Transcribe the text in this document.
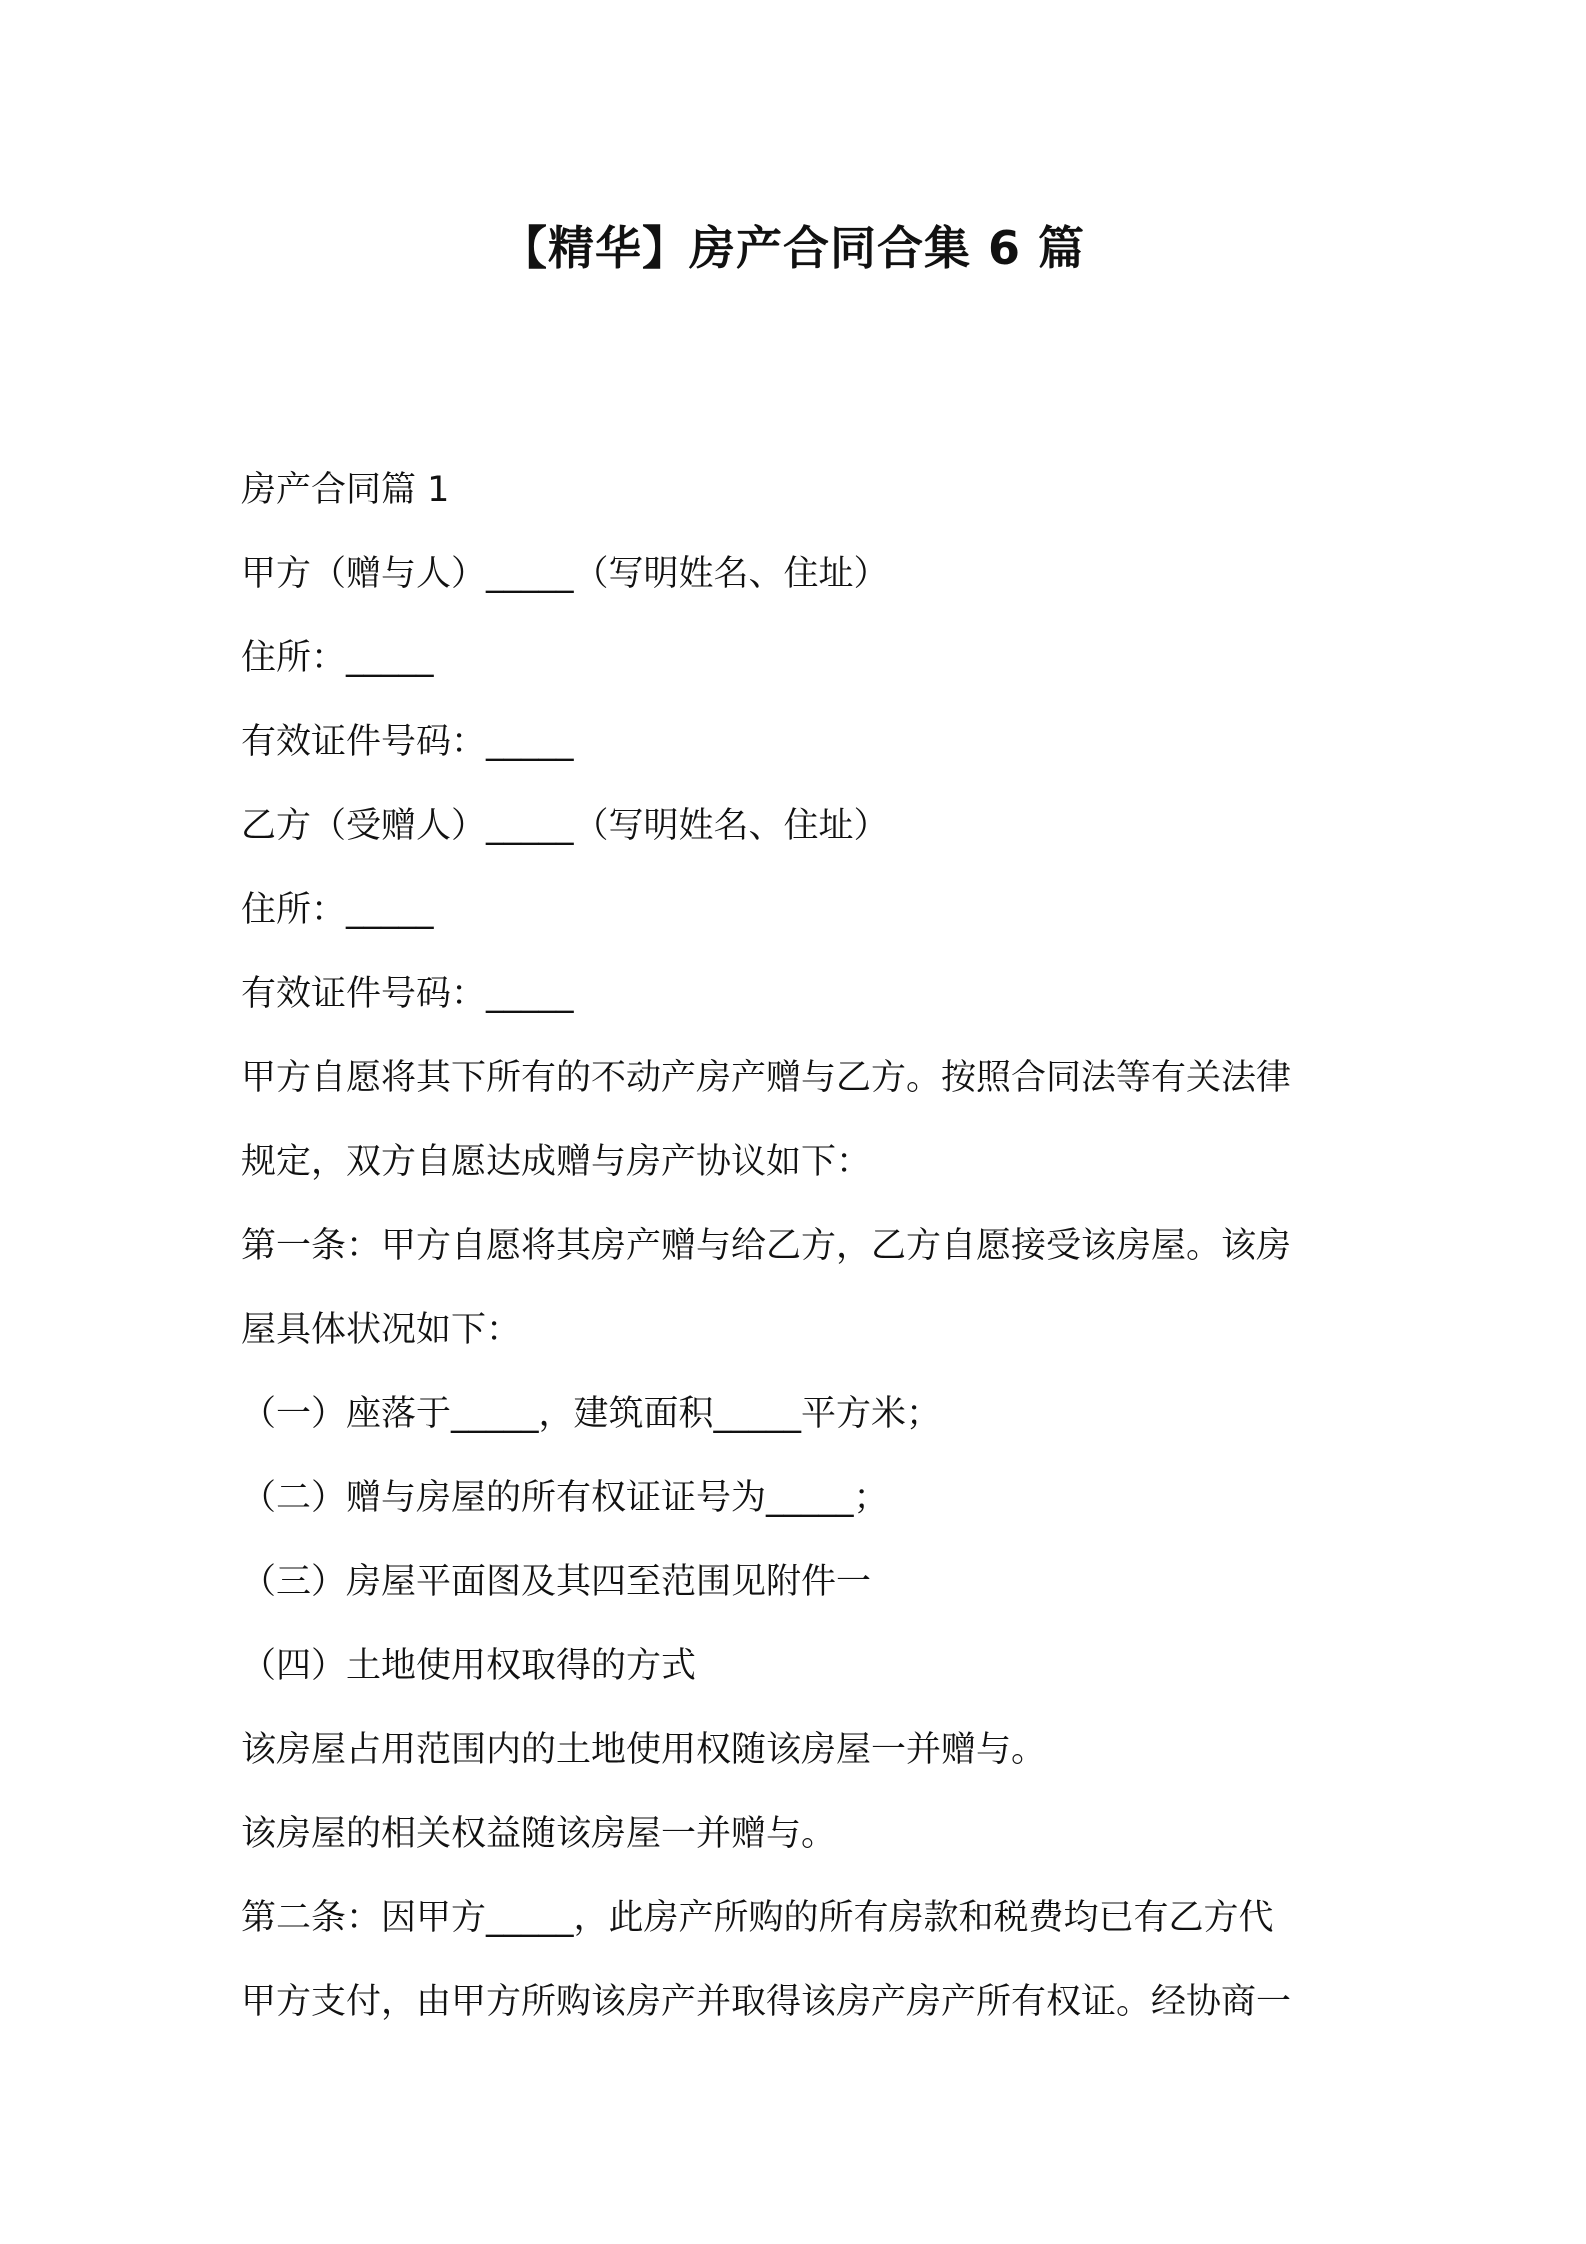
【精华】房产合同合集 6 篇

房产合同篇 1

甲方（赠与人）_____（写明姓名、住址）

住所：_____

有效证件号码：_____

乙方（受赠人）_____（写明姓名、住址）

住所：_____

有效证件号码：_____

甲方自愿将其下所有的不动产房产赠与乙方。按照合同法等有关法律

规定，双方自愿达成赠与房产协议如下：

第一条：甲方自愿将其房产赠与给乙方，乙方自愿接受该房屋。该房

屋具体状况如下：

（一）座落于_____，建筑面积_____平方米；

（二）赠与房屋的所有权证证号为_____；

（三）房屋平面图及其四至范围见附件一

（四）土地使用权取得的方式

该房屋占用范围内的土地使用权随该房屋一并赠与。

该房屋的相关权益随该房屋一并赠与。

第二条：因甲方_____，此房产所购的所有房款和税费均已有乙方代

甲方支付，由甲方所购该房产并取得该房产房产所有权证。经协商一
